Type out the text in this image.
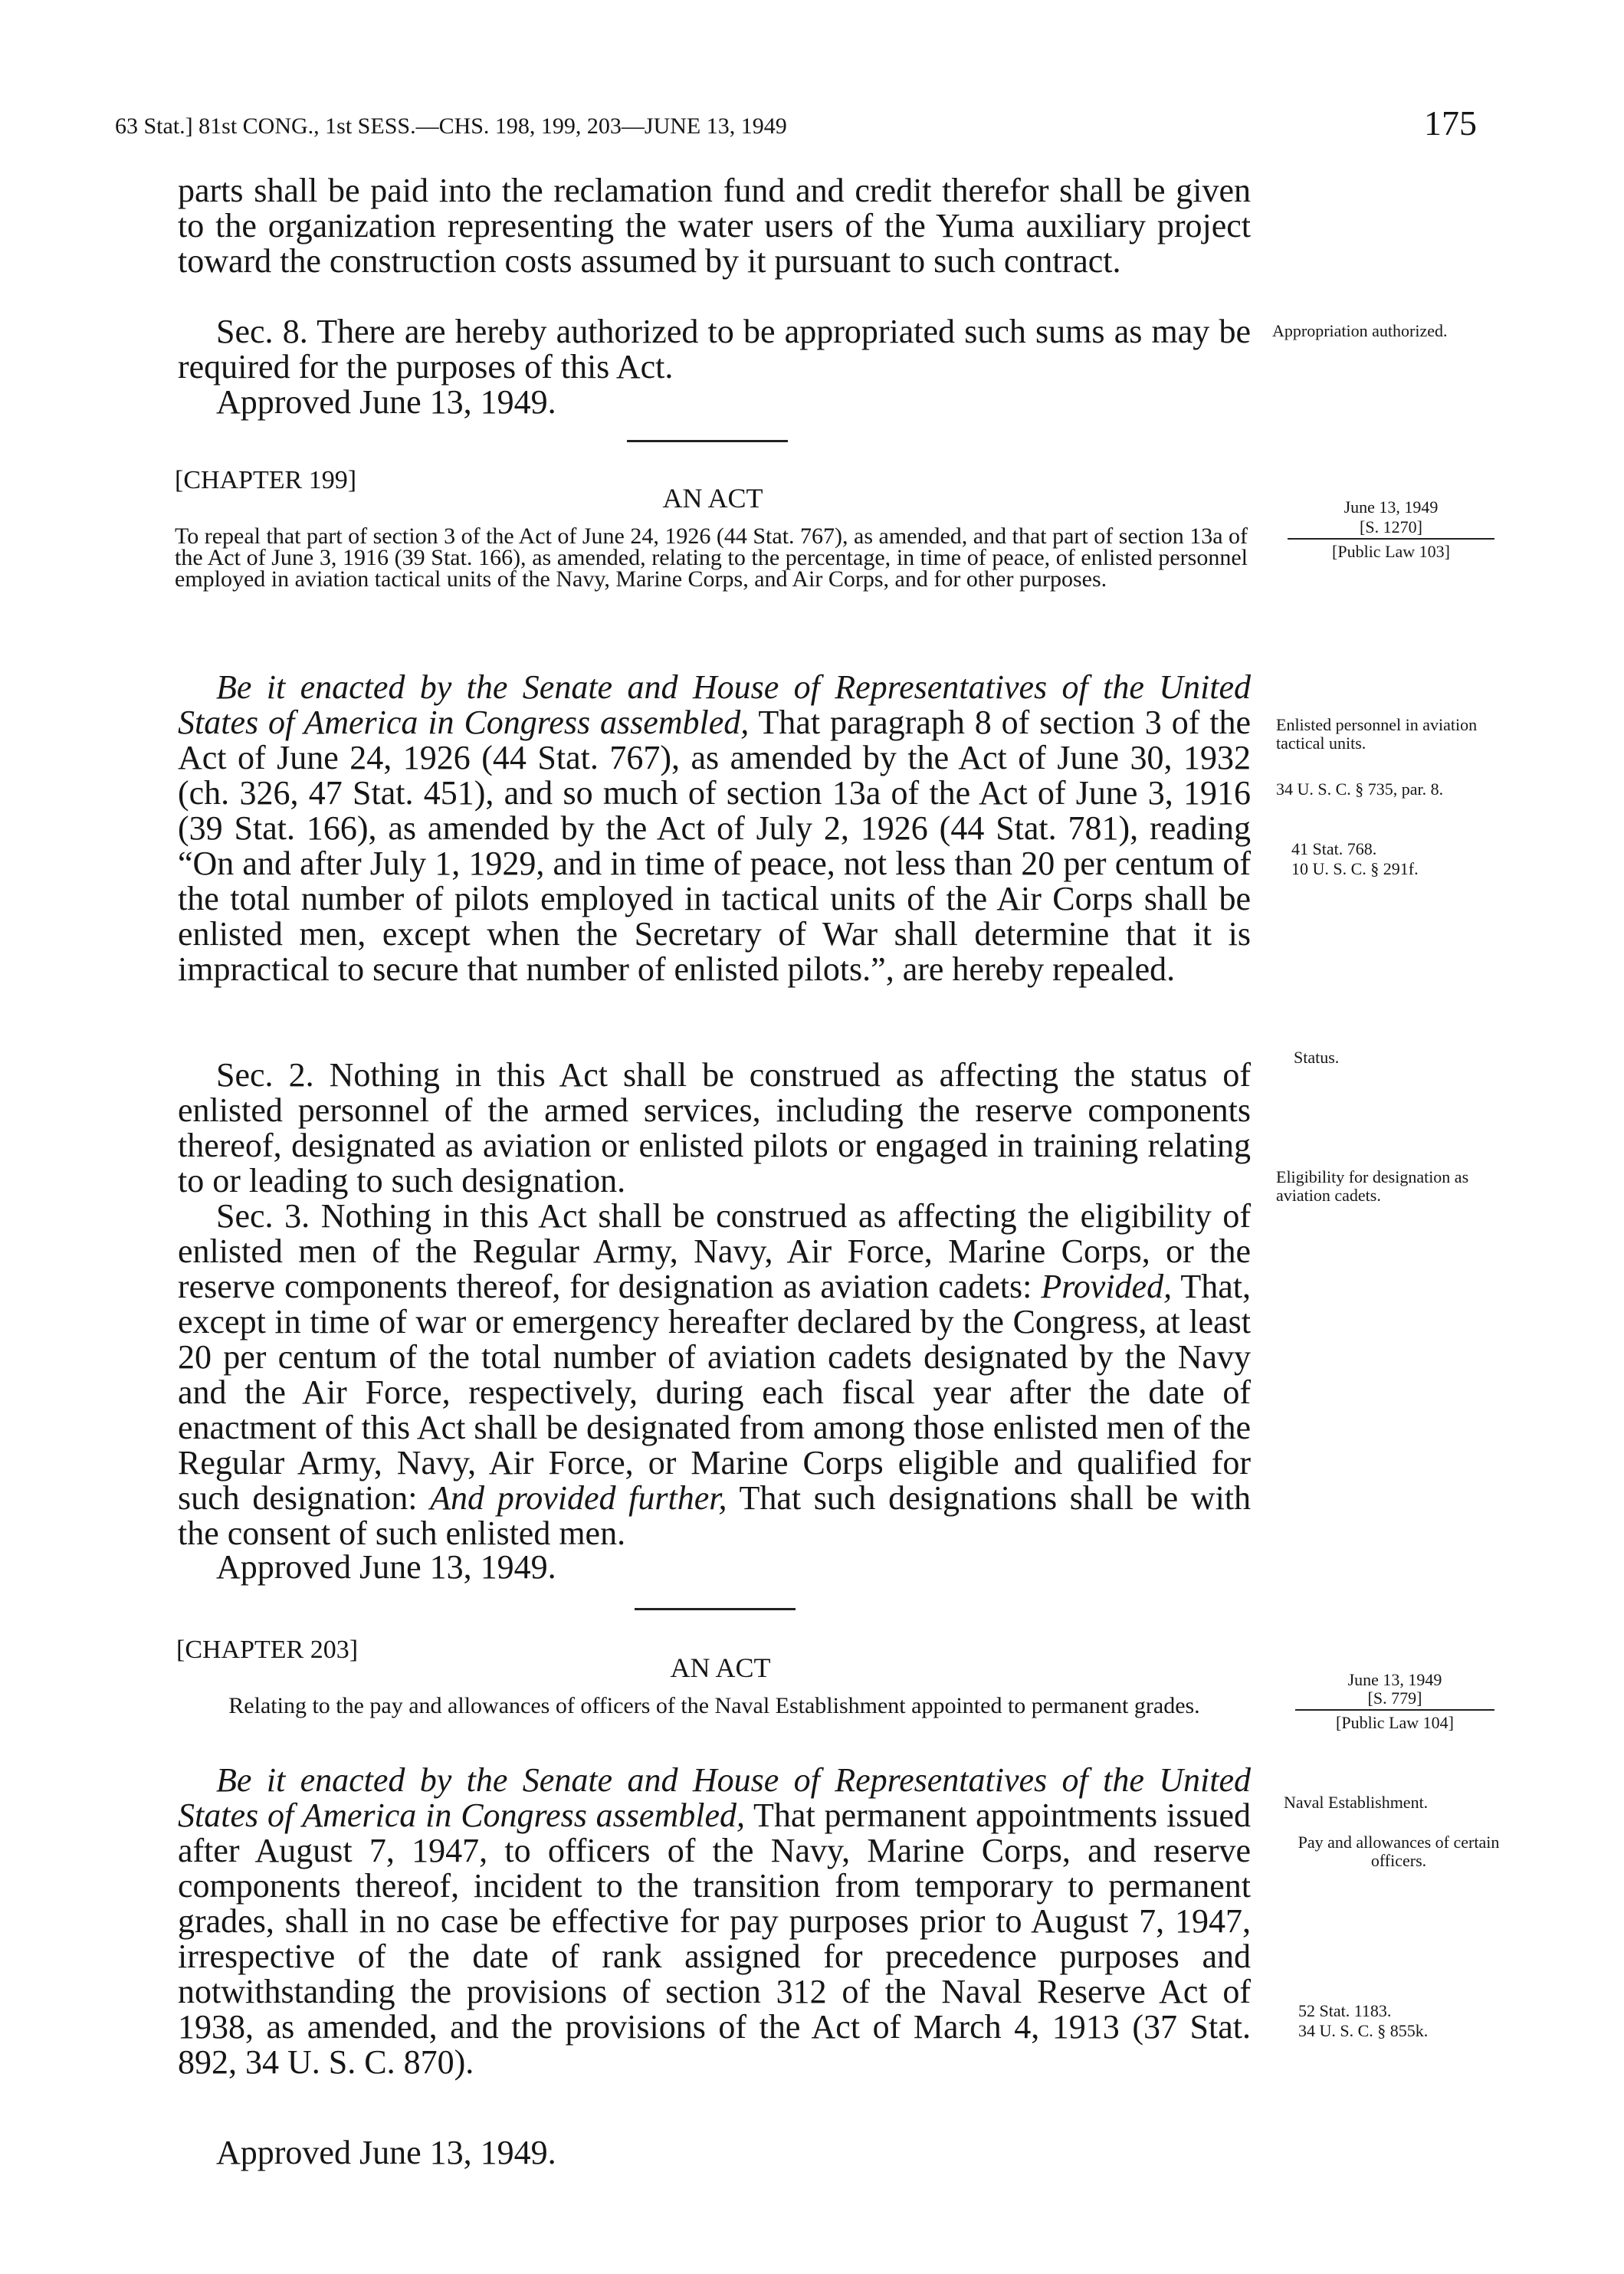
63 Stat.] 81st CONG., 1st SESS.—CHS. 198, 199, 203—JUNE 13, 1949	175

parts shall be paid into the reclamation fund and credit therefor shall be given to the organization representing the water users of the Yuma auxiliary project toward the construction costs assumed by it pursuant to such contract.

Sec. 8. There are hereby authorized to be appropriated such sums as may be required for the purposes of this Act.

Approved June 13, 1949.

Appropriation authorized.

[CHAPTER 199]
AN ACT

To repeal that part of section 3 of the Act of June 24, 1926 (44 Stat. 767), as amended, and that part of section 13a of the Act of June 3, 1916 (39 Stat. 166), as amended, relating to the percentage, in time of peace, of enlisted personnel employed in aviation tactical units of the Navy, Marine Corps, and Air Corps, and for other purposes.

June 13, 1949
[S. 1270]
[Public Law 103]

Be it enacted by the Senate and House of Representatives of the United States of America in Congress assembled, That paragraph 8 of section 3 of the Act of June 24, 1926 (44 Stat. 767), as amended by the Act of June 30, 1932 (ch. 326, 47 Stat. 451), and so much of section 13a of the Act of June 3, 1916 (39 Stat. 166), as amended by the Act of July 2, 1926 (44 Stat. 781), reading “On and after July 1, 1929, and in time of peace, not less than 20 per centum of the total number of pilots employed in tactical units of the Air Corps shall be enlisted men, except when the Secretary of War shall determine that it is impractical to secure that number of enlisted pilots.”, are hereby repealed.

Sec. 2. Nothing in this Act shall be construed as affecting the status of enlisted personnel of the armed services, including the reserve components thereof, designated as aviation or enlisted pilots or engaged in training relating to or leading to such designation.

Sec. 3. Nothing in this Act shall be construed as affecting the eligibility of enlisted men of the Regular Army, Navy, Air Force, Marine Corps, or the reserve components thereof, for designation as aviation cadets: Provided, That, except in time of war or emergency hereafter declared by the Congress, at least 20 per centum of the total number of aviation cadets designated by the Navy and the Air Force, respectively, during each fiscal year after the date of enactment of this Act shall be designated from among those enlisted men of the Regular Army, Navy, Air Force, or Marine Corps eligible and qualified for such designation: And provided further, That such designations shall be with the consent of such enlisted men.

Approved June 13, 1949.

Enlisted personnel in aviation tactical units.

34 U. S. C. § 735, par. 8.

41 Stat. 768.

10 U. S. C. § 291f.

Status.

Eligibility for designation as aviation cadets.

[CHAPTER 203]
AN ACT

Relating to the pay and allowances of officers of the Naval Establishment appointed to permanent grades.

June 13, 1949
[S. 779]
[Public Law 104]

Be it enacted by the Senate and House of Representatives of the United States of America in Congress assembled, That permanent appointments issued after August 7, 1947, to officers of the Navy, Marine Corps, and reserve components thereof, incident to the transition from temporary to permanent grades, shall in no case be effective for pay purposes prior to August 7, 1947, irrespective of the date of rank assigned for precedence purposes and notwithstanding the provisions of section 312 of the Naval Reserve Act of 1938, as amended, and the provisions of the Act of March 4, 1913 (37 Stat. 892, 34 U. S. C. 870).

Approved June 13, 1949.

Naval Establishment.

Pay and allowances of certain officers.

52 Stat. 1183.

34 U. S. C. § 855k.
